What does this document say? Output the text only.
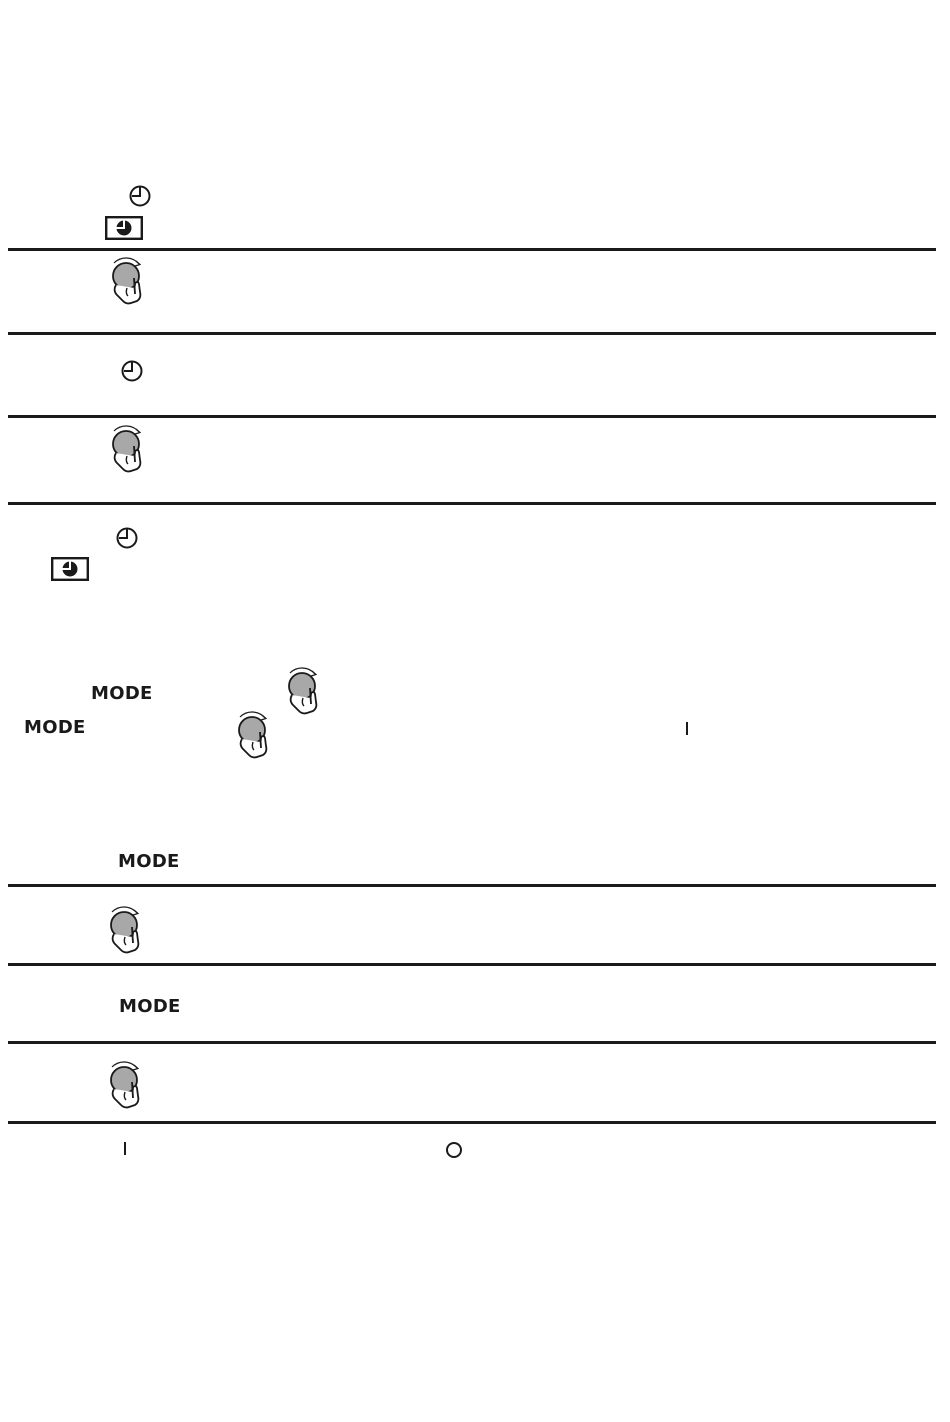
MODE
MODE
MODE
MODE
